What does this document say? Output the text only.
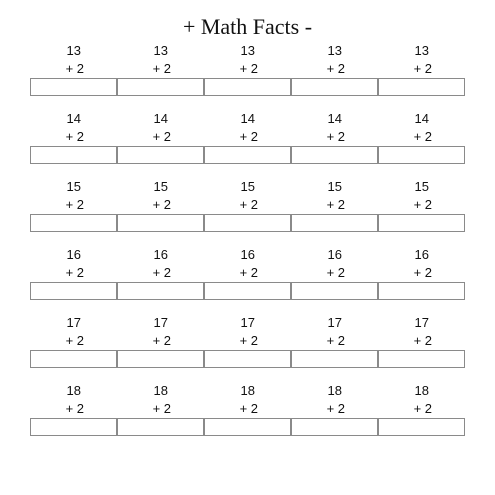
+ Math Facts -
13
+ 2
13
+ 2
13
+ 2
13
+ 2
13
+ 2
14
+ 2
14
+ 2
14
+ 2
14
+ 2
14
+ 2
15
+ 2
15
+ 2
15
+ 2
15
+ 2
15
+ 2
16
+ 2
16
+ 2
16
+ 2
16
+ 2
16
+ 2
17
+ 2
17
+ 2
17
+ 2
17
+ 2
17
+ 2
18
+ 2
18
+ 2
18
+ 2
18
+ 2
18
+ 2
